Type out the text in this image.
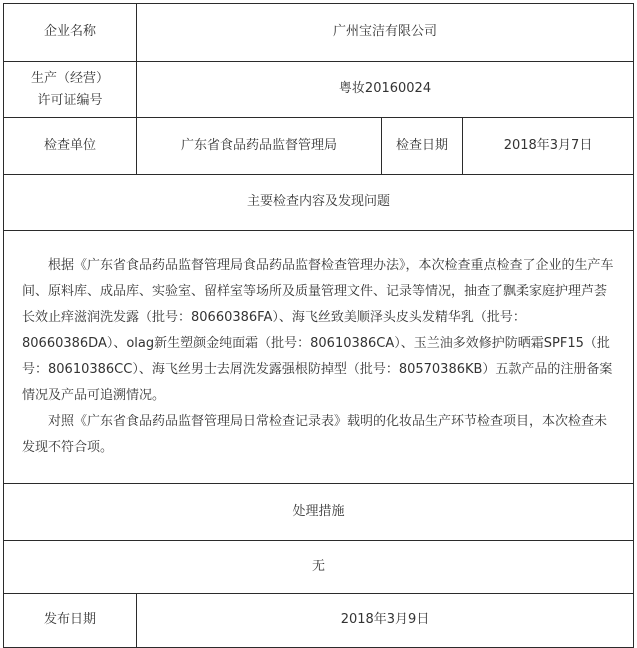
企业名称	广州宝洁有限公司		

生产（经营）
许可证编号	粤妆20160024		
检查单位	广东省食品药品监督管理局	检查日期	2018年3月7日
主要检查内容及发现问题			

根据《广东省食品药品监督管理局食品药品监督检查管理办法》，本次检查重点检查了企业的生产车间、原料库、成品库、实验室、留样室等场所及质量管理文件、记录等情况，抽查了飘柔家庭护理芦荟长效止痒滋润洗发露（批号：80660386FA）、海飞丝致美顺泽头皮头发精华乳（批号：80660386DA）、olag新生塑颜金纯面霜（批号：80610386CA）、玉兰油多效修护防晒霜SPF15（批号：80610386CC）、海飞丝男士去屑洗发露强根防掉型（批号：80570386KB）五款产品的注册备案情况及产品可追溯情况。

对照《广东省食品药品监督管理局日常检查记录表》载明的化妆品生产环节检查项目，本次检查未发现不符合项。			

处理措施			
无			
发布日期	2018年3月9日		
